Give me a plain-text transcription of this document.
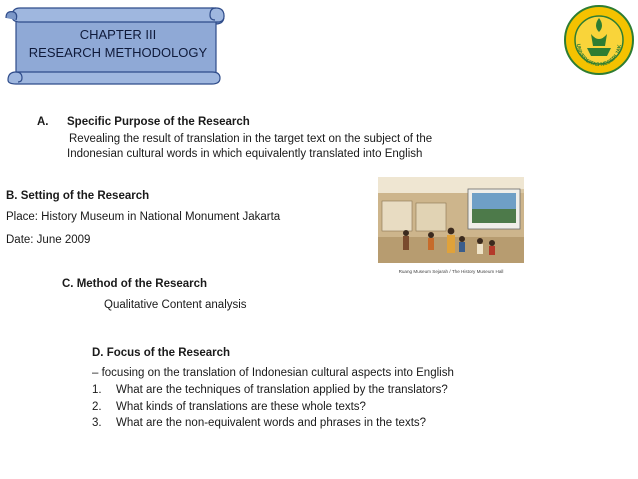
CHAPTER III
RESEARCH METHODOLOGY	UNIVERSITAS NEGERI JAK
A. Specific Purpose of the Research
Revealing the result of translation in the target text on the subject of the
Indonesian cultural words in which equivalently translated into English
B. Setting of the Research
Place: History Museum in National Monument Jakarta
Date: June 2009
Ruang Museum Sejarah / The History Museum Hall
C. Method of the Research
Qualitative Content analysis
D. Focus of the Research
– focusing on the translation of Indonesian cultural aspects into English
1. What are the techniques of translation applied by the translators?
2. What kinds of translations are these whole texts?
3. What are the non-equivalent words and phrases in the texts?
